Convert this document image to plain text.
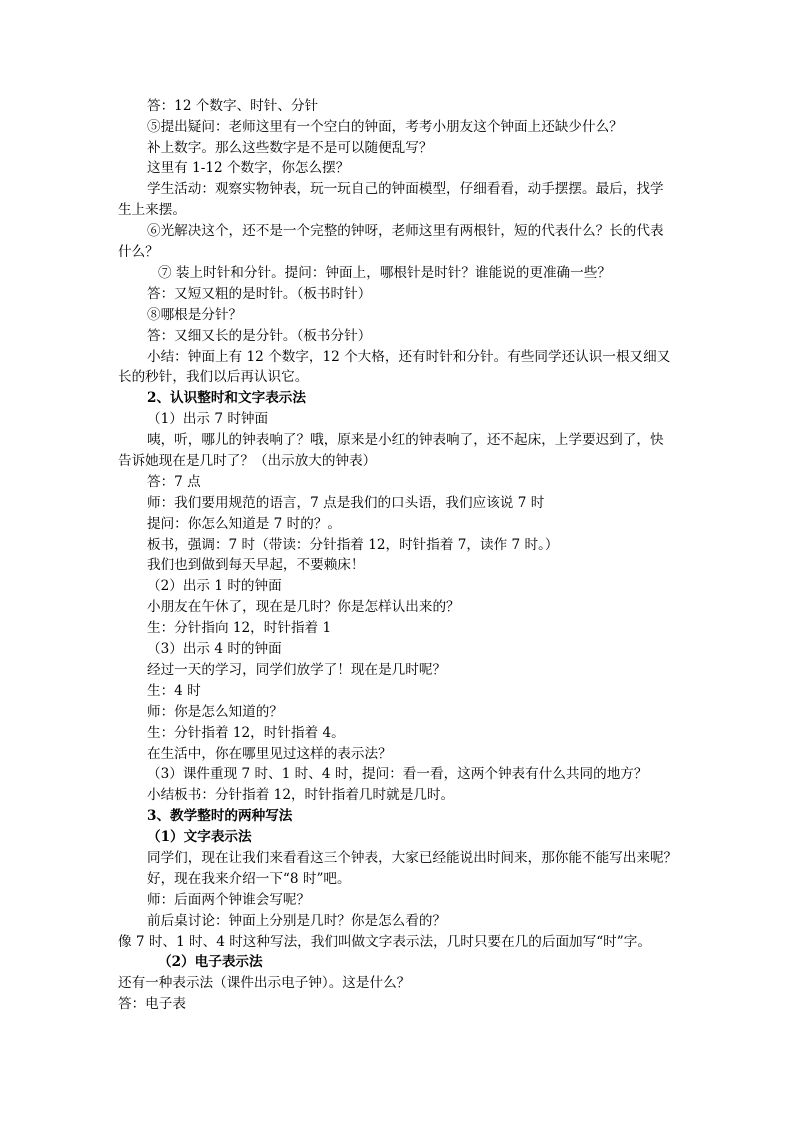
答：12 个数字、时针、分针
⑤提出疑问：老师这里有一个空白的钟面，考考小朋友这个钟面上还缺少什么？
补上数字。那么这些数字是不是可以随便乱写？
这里有 1-12 个数字，你怎么摆？
学生活动：观察实物钟表，玩一玩自己的钟面模型，仔细看看，动手摆摆。最后，找学
生上来摆。
⑥光解决这个，还不是一个完整的钟呀，老师这里有两根针，短的代表什么？长的代表
什么？
⑦ 装上时针和分针。提问：钟面上，哪根针是时针？谁能说的更准确一些？
答：又短又粗的是时针。（板书时针）
⑧哪根是分针？
答：又细又长的是分针。（板书分针）
小结：钟面上有 12 个数字，12 个大格，还有时针和分针。有些同学还认识一根又细又
长的秒针，我们以后再认识它。
2、认识整时和文字表示法
（1）出示 7 时钟面
咦，听，哪儿的钟表响了？哦，原来是小红的钟表响了，还不起床，上学要迟到了，快
告诉她现在是几时了？（出示放大的钟表）
答：7 点
师：我们要用规范的语言，7 点是我们的口头语，我们应该说 7 时
提问：你怎么知道是 7 时的？。
板书，强调：7 时（带读：分针指着 12，时针指着 7，读作 7 时。）
我们也到做到每天早起，不要赖床！
（2）出示 1 时的钟面
小朋友在午休了，现在是几时？你是怎样认出来的？
生：分针指向 12，时针指着 1
（3）出示 4 时的钟面
经过一天的学习，同学们放学了！现在是几时呢？
生：4 时
师：你是怎么知道的？
生：分针指着 12，时针指着 4。
在生活中，你在哪里见过这样的表示法？
（3）课件重现 7 时、1 时、4 时，提问：看一看，这两个钟表有什么共同的地方？
小结板书：分针指着 12，时针指着几时就是几时。
3、教学整时的两种写法
（1）文字表示法
同学们，现在让我们来看看这三个钟表，大家已经能说出时间来，那你能不能写出来呢？
好，现在我来介绍一下“8 时”吧。
师：后面两个钟谁会写呢？
前后桌讨论：钟面上分别是几时？你是怎么看的？
像 7 时、1 时、4 时这种写法，我们叫做文字表示法，几时只要在几的后面加写“时”字。
（2）电子表示法
还有一种表示法（课件出示电子钟）。这是什么？
答：电子表
